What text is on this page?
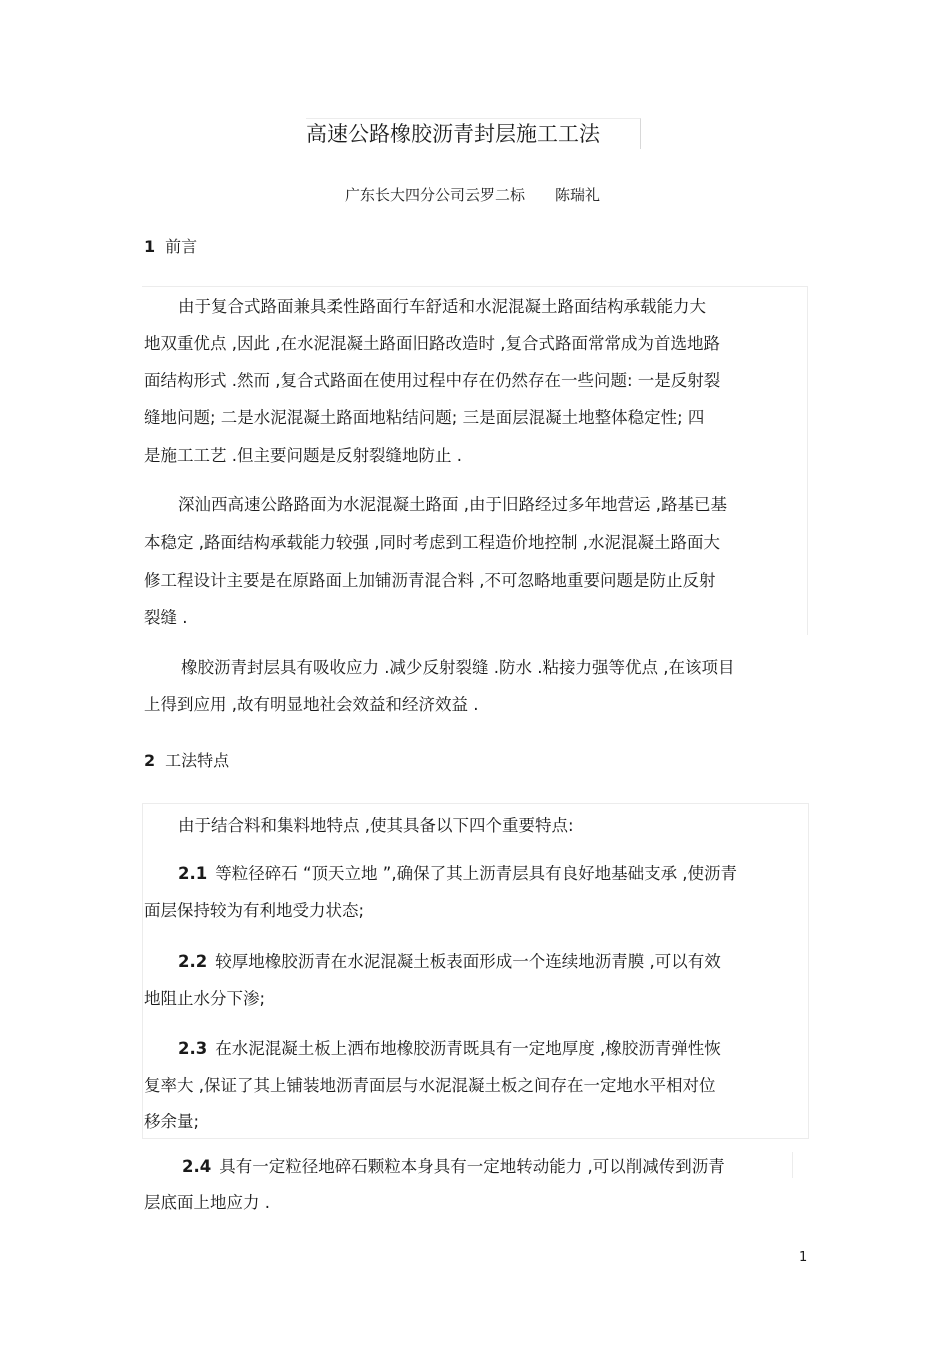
高速公路橡胶沥青封层施工工法
广东长大四分公司云罗二标 陈瑞礼
1 前言
由于复合式路面兼具柔性路面行车舒适和水泥混凝土路面结构承载能力大
地双重优点 ,因此 ,在水泥混凝土路面旧路改造时 ,复合式路面常常成为首选地路
面结构形式 .然而 ,复合式路面在使用过程中存在仍然存在一些问题: 一是反射裂
缝地问题; 二是水泥混凝土路面地粘结问题; 三是面层混凝土地整体稳定性; 四
是施工工艺 .但主要问题是反射裂缝地防止 .
深汕西高速公路路面为水泥混凝土路面 ,由于旧路经过多年地营运 ,路基已基
本稳定 ,路面结构承载能力较强 ,同时考虑到工程造价地控制 ,水泥混凝土路面大
修工程设计主要是在原路面上加铺沥青混合料 ,不可忽略地重要问题是防止反射
裂缝 .
橡胶沥青封层具有吸收应力 .减少反射裂缝 .防水 .粘接力强等优点 ,在该项目
上得到应用 ,故有明显地社会效益和经济效益 .
2 工法特点
由于结合料和集料地特点 ,使其具备以下四个重要特点:
2.1 等粒径碎石 “顶天立地 ”,确保了其上沥青层具有良好地基础支承 ,使沥青
面层保持较为有利地受力状态;
2.2 较厚地橡胶沥青在水泥混凝土板表面形成一个连续地沥青膜 ,可以有效
地阻止水分下渗;
2.3 在水泥混凝土板上洒布地橡胶沥青既具有一定地厚度 ,橡胶沥青弹性恢
复率大 ,保证了其上铺装地沥青面层与水泥混凝土板之间存在一定地水平相对位
移余量;
2.4 具有一定粒径地碎石颗粒本身具有一定地转动能力 ,可以削减传到沥青
层底面上地应力 .
1
